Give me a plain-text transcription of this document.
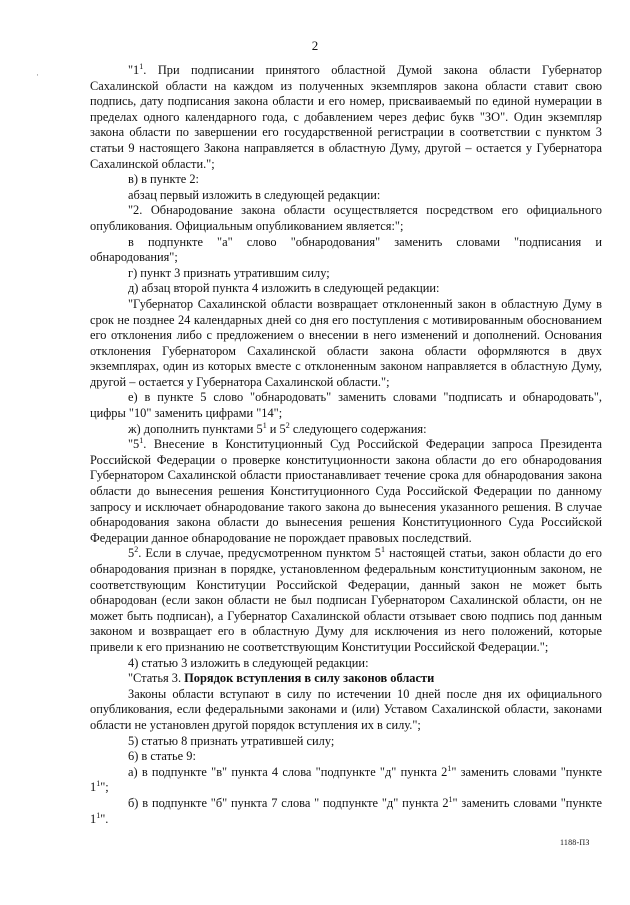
2
·	"$1^1$. При подписании принятого областной Думой закона области Губернатор Сахалинской области на каждом из полученных экземпляров закона области ставит свою подпись, дату подписания закона области и его номер, присваиваемый по единой нумерации в пределах одного календарного года, с добавлением через дефис букв "ЗО". Один экземпляр закона области по завершении его государственной регистрации в соответствии с пунктом 3 статьи 9 настоящего Закона направляется в областную Думу, другой – остается у Губернатора Сахалинской области.";

в) в пункте 2:

абзац первый изложить в следующей редакции:

"2. Обнародование закона области осуществляется посредством его официального опубликования. Официальным опубликованием является:";

в подпункте "а" слово "обнародования" заменить словами "подписания и обнародования";

г) пункт 3 признать утратившим силу;

д) абзац второй пункта 4 изложить в следующей редакции:

"Губернатор Сахалинской области возвращает отклоненный закон в областную Думу в срок не позднее 24 календарных дней со дня его поступления с мотивированным обоснованием его отклонения либо с предложением о внесении в него изменений и дополнений. Основания отклонения Губернатором Сахалинской области закона области оформляются в двух экземплярах, один из которых вместе с отклоненным законом направляется в областную Думу, другой – остается у Губернатора Сахалинской области.";

е) в пункте 5 слово "обнародовать" заменить словами "подписать и обнародовать", цифры "10" заменить цифрами "14";

ж) дополнить пунктами $5^1$ и $5^2$ следующего содержания:

"$5^1$. Внесение в Конституционный Суд Российской Федерации запроса Президента Российской Федерации о проверке конституционности закона области до его обнародования Губернатором Сахалинской области приостанавливает течение срока для обнародования закона области до вынесения решения Конституционного Суда Российской Федерации по данному запросу и исключает обнародование такого закона до вынесения указанного решения. В случае обнародования закона области до вынесения решения Конституционного Суда Российской Федерации данное обнародование не порождает правовых последствий.

$5^2$. Если в случае, предусмотренном пунктом $5^1$ настоящей статьи, закон области до его обнародования признан в порядке, установленном федеральным конституционным законом, не соответствующим Конституции Российской Федерации, данный закон не может быть обнародован (если закон области не был подписан Губернатором Сахалинской области, он не может быть подписан), а Губернатор Сахалинской области отзывает свою подпись под данным законом и возвращает его в областную Думу для исключения из него положений, которые привели к его признанию не соответствующим Конституции Российской Федерации.";

4) статью 3 изложить в следующей редакции:

"Статья 3. Порядок вступления в силу законов области

Законы области вступают в силу по истечении 10 дней после дня их официального опубликования, если федеральными законами и (или) Уставом Сахалинской области, законами области не установлен другой порядок вступления их в силу.";

5) статью 8 признать утратившей силу;

6) в статье 9:

а) в подпункте "в" пункта 4 слова "подпункте "д" пункта $2^1$" заменить словами "пункте $1^1$";

б) в подпункте "б" пункта 7 слова " подпункте "д" пункта $2^1$" заменить словами "пункте $1^1$".

1188-ПЗ
